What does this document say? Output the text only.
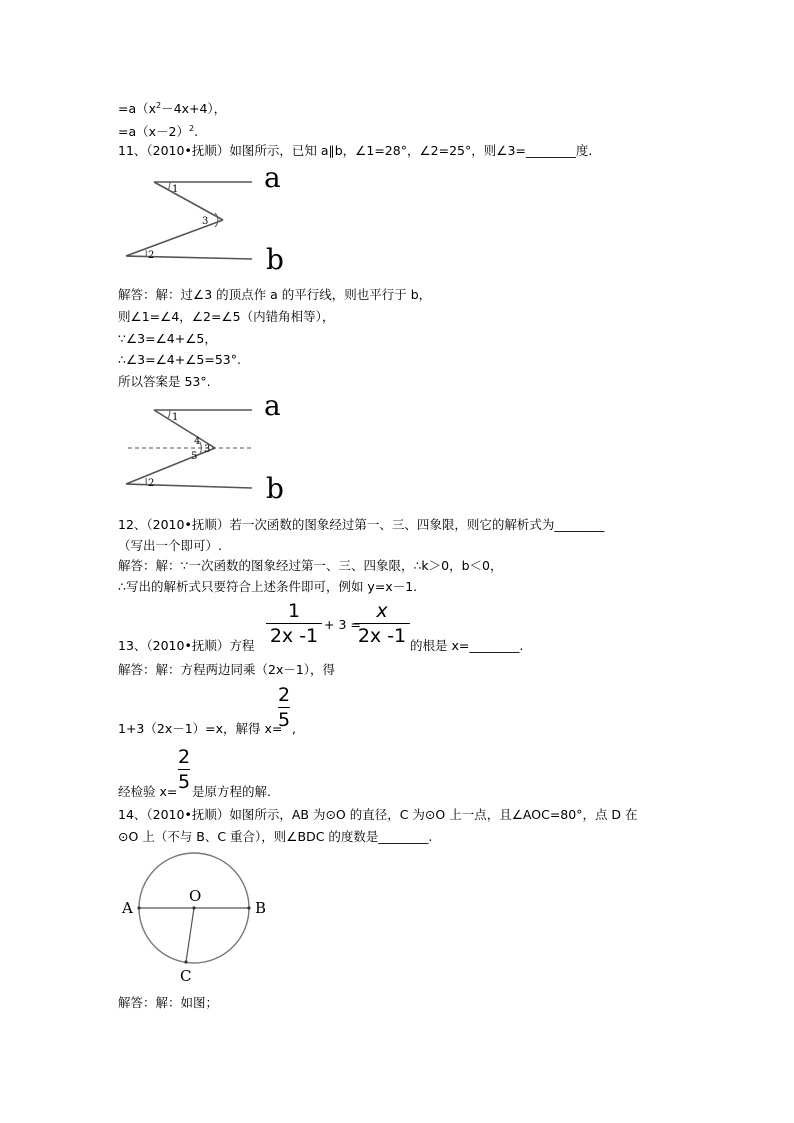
$=a(x^2-4x+4)$，
$=a(x-2)^2$.
11、（2010•抚顺）如图所示，已知 a∥b，∠1=28°，∠2=25°，则∠3=________度.
1
3
2
a
b
解答：解：过∠3 的顶点作 a 的平行线，则也平行于 b，
则∠1=∠4，∠2=∠5（内错角相等），
∵∠3=∠4+∠5，
∴∠3=∠4+∠5=53°.
所以答案是 53°.
1
4
3
5
2
a
b
12、（2010•抚顺）若一次函数的图象经过第一、三、四象限，则它的解析式为________
（写出一个即可）.
解答：解：∵一次函数的图象经过第一、三、四象限，∴k＞0，b＜0，
∴写出的解析式只要符合上述条件即可，例如 y=x－1.
1
2x -1
+ 3 =
x
2x -1
13、（2010•抚顺）方程	的根是 x=________.
解答：解：方程两边同乘（2x－1），得
2
5
1+3（2x－1）=x，解得 x= ,
2
5
经检验 x= 是原方程的解.
14、（2010•抚顺）如图所示，AB 为⊙O 的直径，C 为⊙O 上一点，且∠AOC=80°，点 D 在
⊙O 上（不与 B、C 重合），则∠BDC 的度数是________.
A	B
O
C
解答：解：如图；
